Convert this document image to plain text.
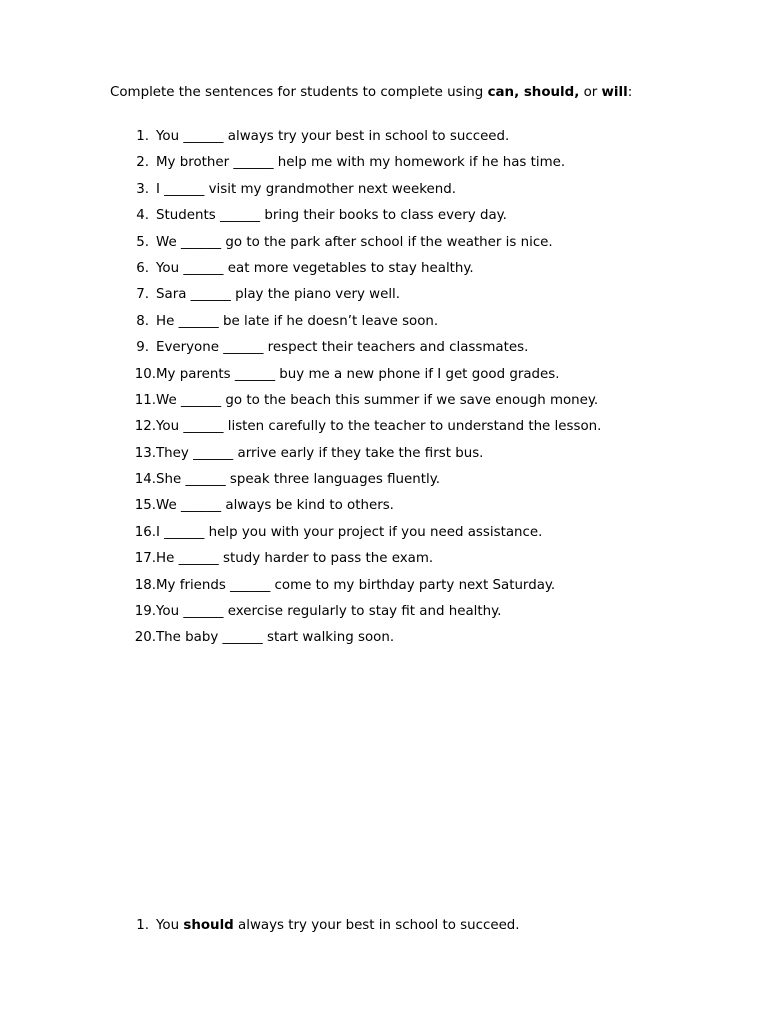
Complete the sentences for students to complete using can, should, or will:
1. You ______ always try your best in school to succeed.
2. My brother ______ help me with my homework if he has time.
3. I ______ visit my grandmother next weekend.
4. Students ______ bring their books to class every day.
5. We ______ go to the park after school if the weather is nice.
6. You ______ eat more vegetables to stay healthy.
7. Sara ______ play the piano very well.
8. He ______ be late if he doesn’t leave soon.
9. Everyone ______ respect their teachers and classmates.
10. My parents ______ buy me a new phone if I get good grades.
11. We ______ go to the beach this summer if we save enough money.
12. You ______ listen carefully to the teacher to understand the lesson.
13. They ______ arrive early if they take the first bus.
14. She ______ speak three languages fluently.
15. We ______ always be kind to others.
16. I ______ help you with your project if you need assistance.
17. He ______ study harder to pass the exam.
18. My friends ______ come to my birthday party next Saturday.
19. You ______ exercise regularly to stay fit and healthy.
20. The baby ______ start walking soon.
1. You should always try your best in school to succeed.
